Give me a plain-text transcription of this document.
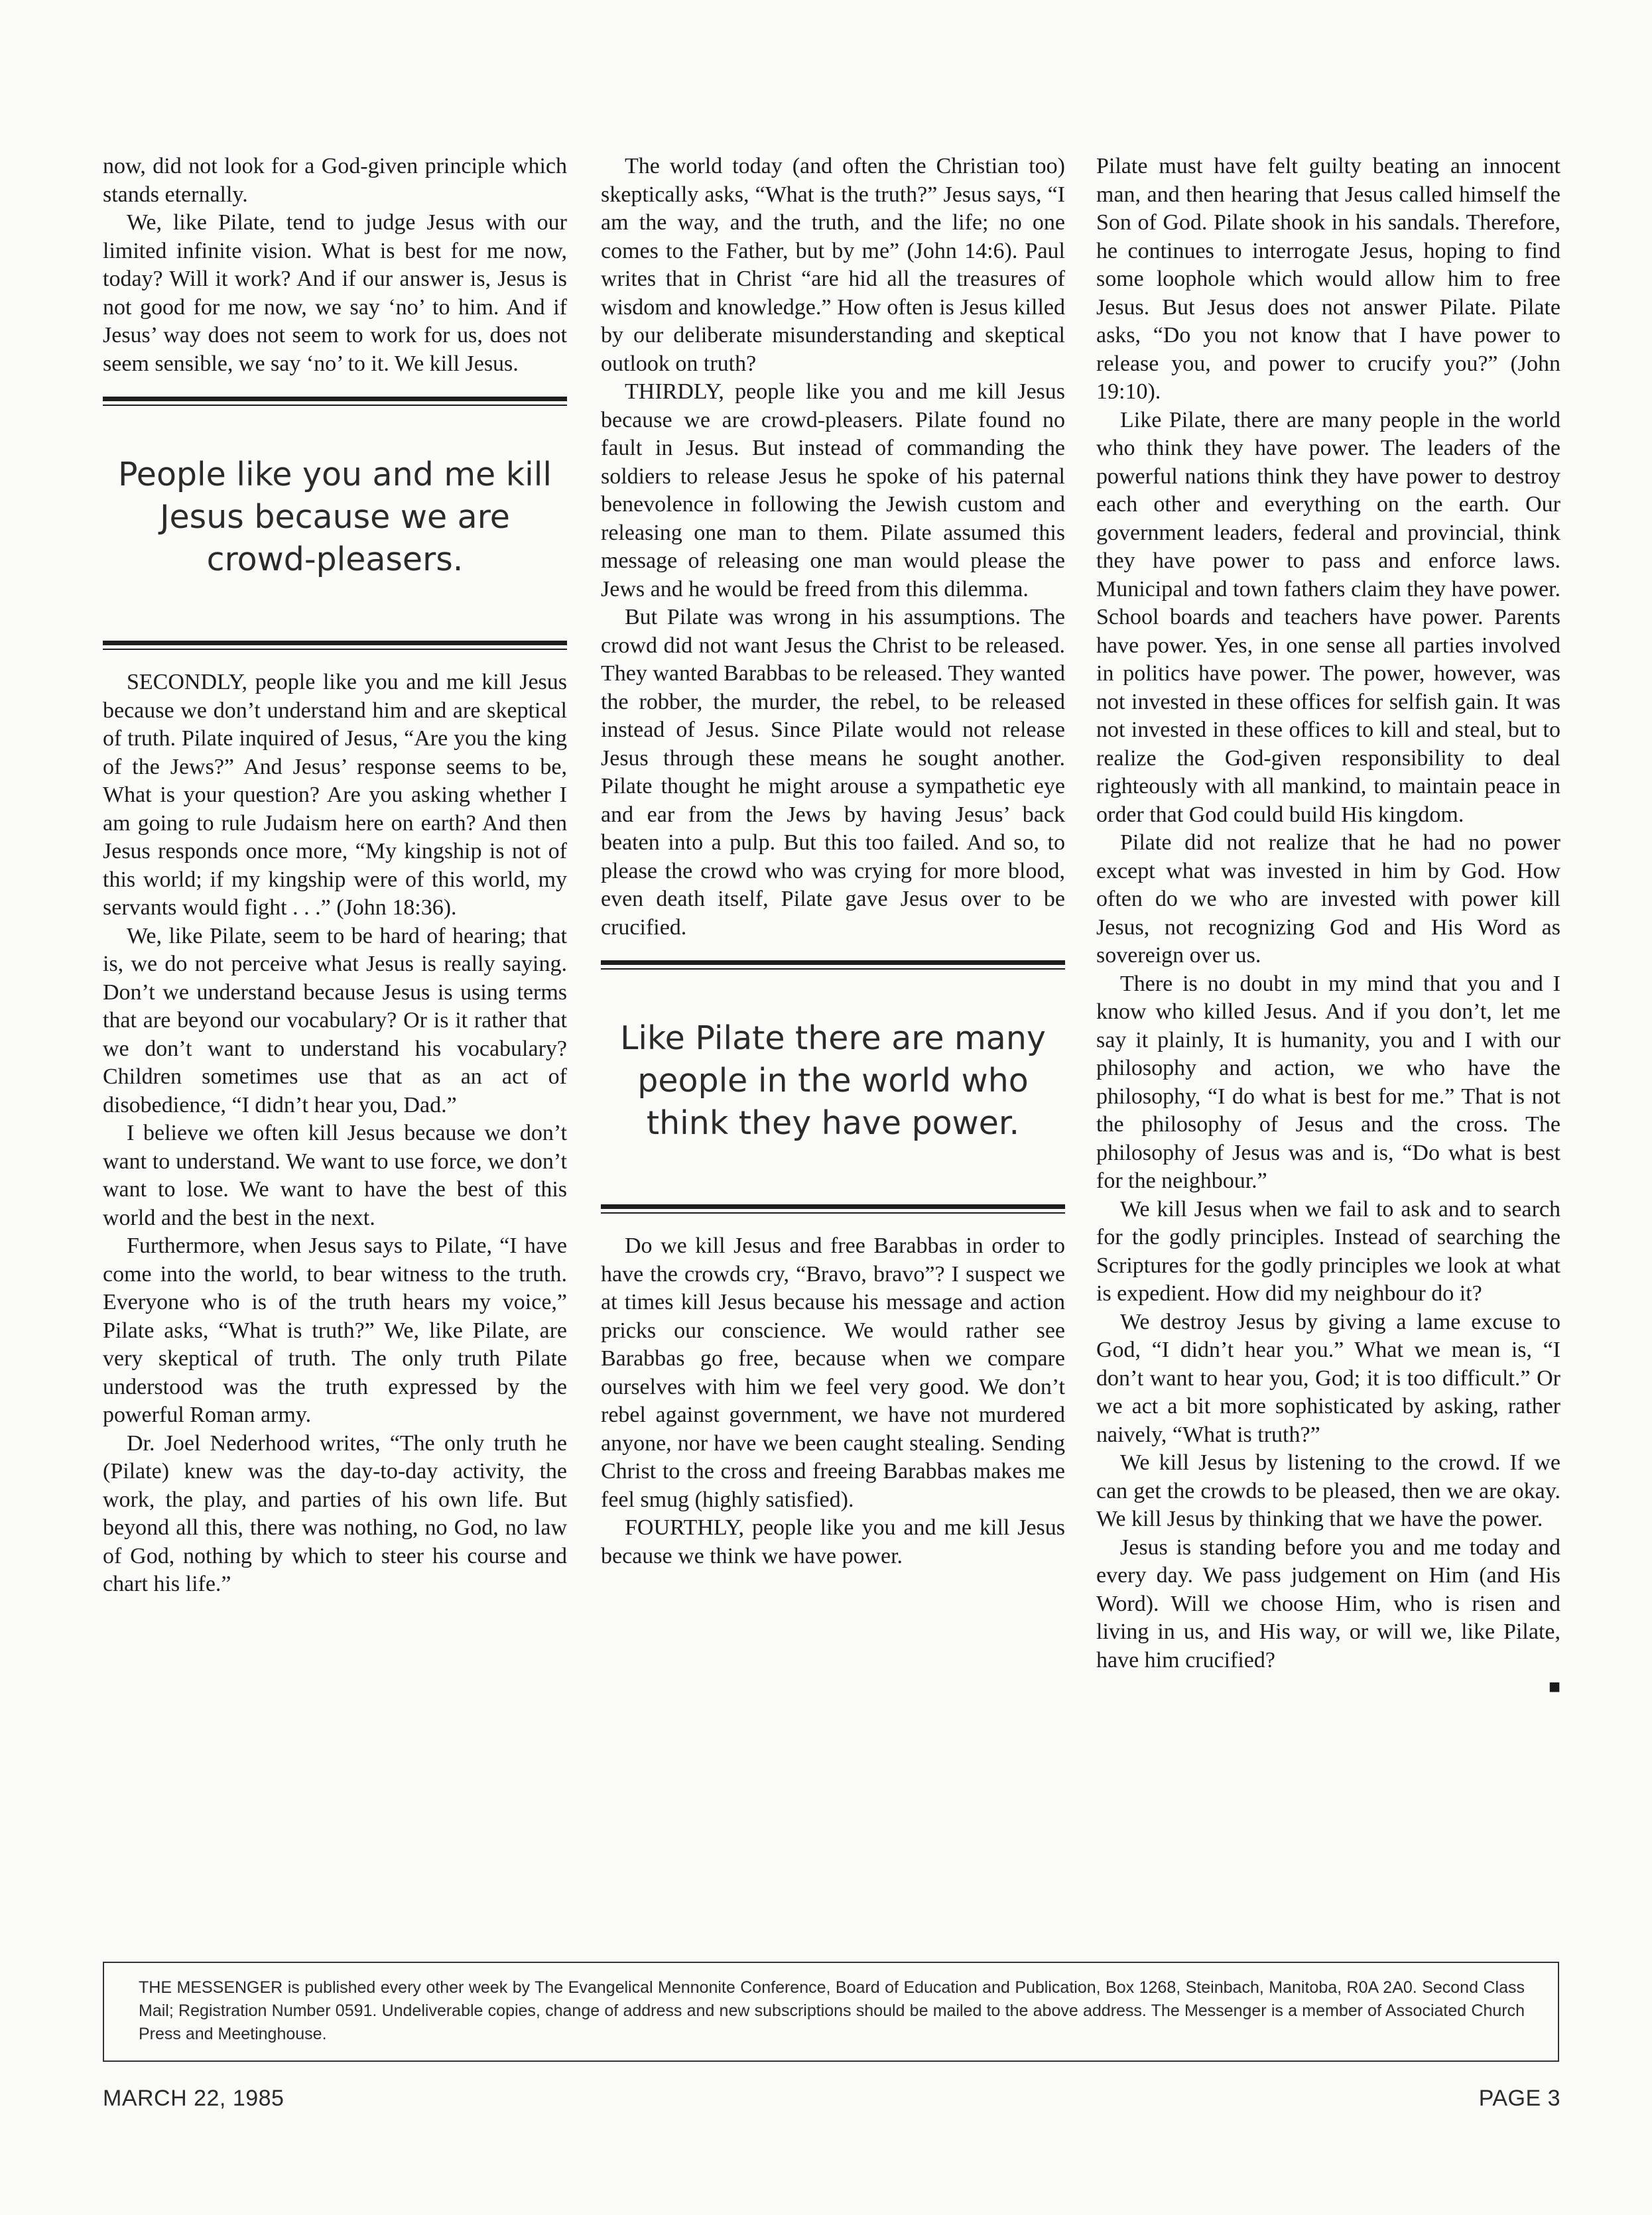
now, did not look for a God-given principle which stands eternally.

We, like Pilate, tend to judge Jesus with our limited infinite vision. What is best for me now, today? Will it work? And if our answer is, Jesus is not good for me now, we say ‘no’ to him. And if Jesus’ way does not seem to work for us, does not seem sensible, we say ‘no’ to it. We kill Jesus.

People like you and me kill Jesus because we are crowd-pleasers.

SECONDLY, people like you and me kill Jesus because we don’t understand him and are skeptical of truth. Pilate inquired of Jesus, “Are you the king of the Jews?” And Jesus’ response seems to be, What is your question? Are you asking whether I am going to rule Judaism here on earth? And then Jesus responds once more, “My kingship is not of this world; if my kingship were of this world, my servants would fight . . .” (John 18:36).

We, like Pilate, seem to be hard of hearing; that is, we do not perceive what Jesus is really saying. Don’t we understand because Jesus is using terms that are beyond our vocabulary? Or is it rather that we don’t want to understand his vocabulary? Children sometimes use that as an act of disobedience, “I didn’t hear you, Dad.”

I believe we often kill Jesus because we don’t want to understand. We want to use force, we don’t want to lose. We want to have the best of this world and the best in the next.

Furthermore, when Jesus says to Pilate, “I have come into the world, to bear witness to the truth. Everyone who is of the truth hears my voice,” Pilate asks, “What is truth?” We, like Pilate, are very skeptical of truth. The only truth Pilate understood was the truth expressed by the powerful Roman army.

Dr. Joel Nederhood writes, “The only truth he (Pilate) knew was the day-to-day activity, the work, the play, and parties of his own life. But beyond all this, there was nothing, no God, no law of God, nothing by which to steer his course and chart his life.”

The world today (and often the Christian too) skeptically asks, “What is the truth?” Jesus says, “I am the way, and the truth, and the life; no one comes to the Father, but by me” (John 14:6). Paul writes that in Christ “are hid all the treasures of wisdom and knowledge.” How often is Jesus killed by our deliberate misunderstanding and skeptical outlook on truth?

THIRDLY, people like you and me kill Jesus because we are crowd-pleasers. Pilate found no fault in Jesus. But instead of commanding the soldiers to release Jesus he spoke of his paternal benevolence in following the Jewish custom and releasing one man to them. Pilate assumed this message of releasing one man would please the Jews and he would be freed from this dilemma.

But Pilate was wrong in his assumptions. The crowd did not want Jesus the Christ to be released. They wanted Barabbas to be released. They wanted the robber, the murder, the rebel, to be released instead of Jesus. Since Pilate would not release Jesus through these means he sought another. Pilate thought he might arouse a sympathetic eye and ear from the Jews by having Jesus’ back beaten into a pulp. But this too failed. And so, to please the crowd who was crying for more blood, even death itself, Pilate gave Jesus over to be crucified.

Like Pilate there are many people in the world who think they have power.

Do we kill Jesus and free Barabbas in order to have the crowds cry, “Bravo, bravo”? I suspect we at times kill Jesus because his message and action pricks our conscience. We would rather see Barabbas go free, because when we compare ourselves with him we feel very good. We don’t rebel against government, we have not murdered anyone, nor have we been caught stealing. Sending Christ to the cross and freeing Barabbas makes me feel smug (highly satisfied).

FOURTHLY, people like you and me kill Jesus because we think we have power.

Pilate must have felt guilty beating an innocent man, and then hearing that Jesus called himself the Son of God. Pilate shook in his sandals. Therefore, he continues to interrogate Jesus, hoping to find some loophole which would allow him to free Jesus. But Jesus does not answer Pilate. Pilate asks, “Do you not know that I have power to release you, and power to crucify you?” (John 19:10).

Like Pilate, there are many people in the world who think they have power. The leaders of the powerful nations think they have power to destroy each other and everything on the earth. Our government leaders, federal and provincial, think they have power to pass and enforce laws. Municipal and town fathers claim they have power. School boards and teachers have power. Parents have power. Yes, in one sense all parties involved in politics have power. The power, however, was not invested in these offices for selfish gain. It was not invested in these offices to kill and steal, but to realize the God-given responsibility to deal righteously with all mankind, to maintain peace in order that God could build His kingdom.

Pilate did not realize that he had no power except what was invested in him by God. How often do we who are invested with power kill Jesus, not recognizing God and His Word as sovereign over us.

There is no doubt in my mind that you and I know who killed Jesus. And if you don’t, let me say it plainly, It is humanity, you and I with our philosophy and action, we who have the philosophy, “I do what is best for me.” That is not the philosophy of Jesus and the cross. The philosophy of Jesus was and is, “Do what is best for the neighbour.”

We kill Jesus when we fail to ask and to search for the godly principles. Instead of searching the Scriptures for the godly principles we look at what is expedient. How did my neighbour do it?

We destroy Jesus by giving a lame excuse to God, “I didn’t hear you.” What we mean is, “I don’t want to hear you, God; it is too difficult.” Or we act a bit more sophisticated by asking, rather naively, “What is truth?”

We kill Jesus by listening to the crowd. If we can get the crowds to be pleased, then we are okay. We kill Jesus by thinking that we have the power.

Jesus is standing before you and me today and every day. We pass judgement on Him (and His Word). Will we choose Him, who is risen and living in us, and His way, or will we, like Pilate, have him crucified?

■
THE MESSENGER is published every other week by The Evangelical Mennonite Conference, Board of Education and Publication, Box 1268, Steinbach, Manitoba, R0A 2A0. Second Class Mail; Registration Number 0591. Undeliverable copies, change of address and new subscriptions should be mailed to the above address. The Messenger is a member of Associated Church Press and Meetinghouse.
MARCH 22, 1985	PAGE 3
